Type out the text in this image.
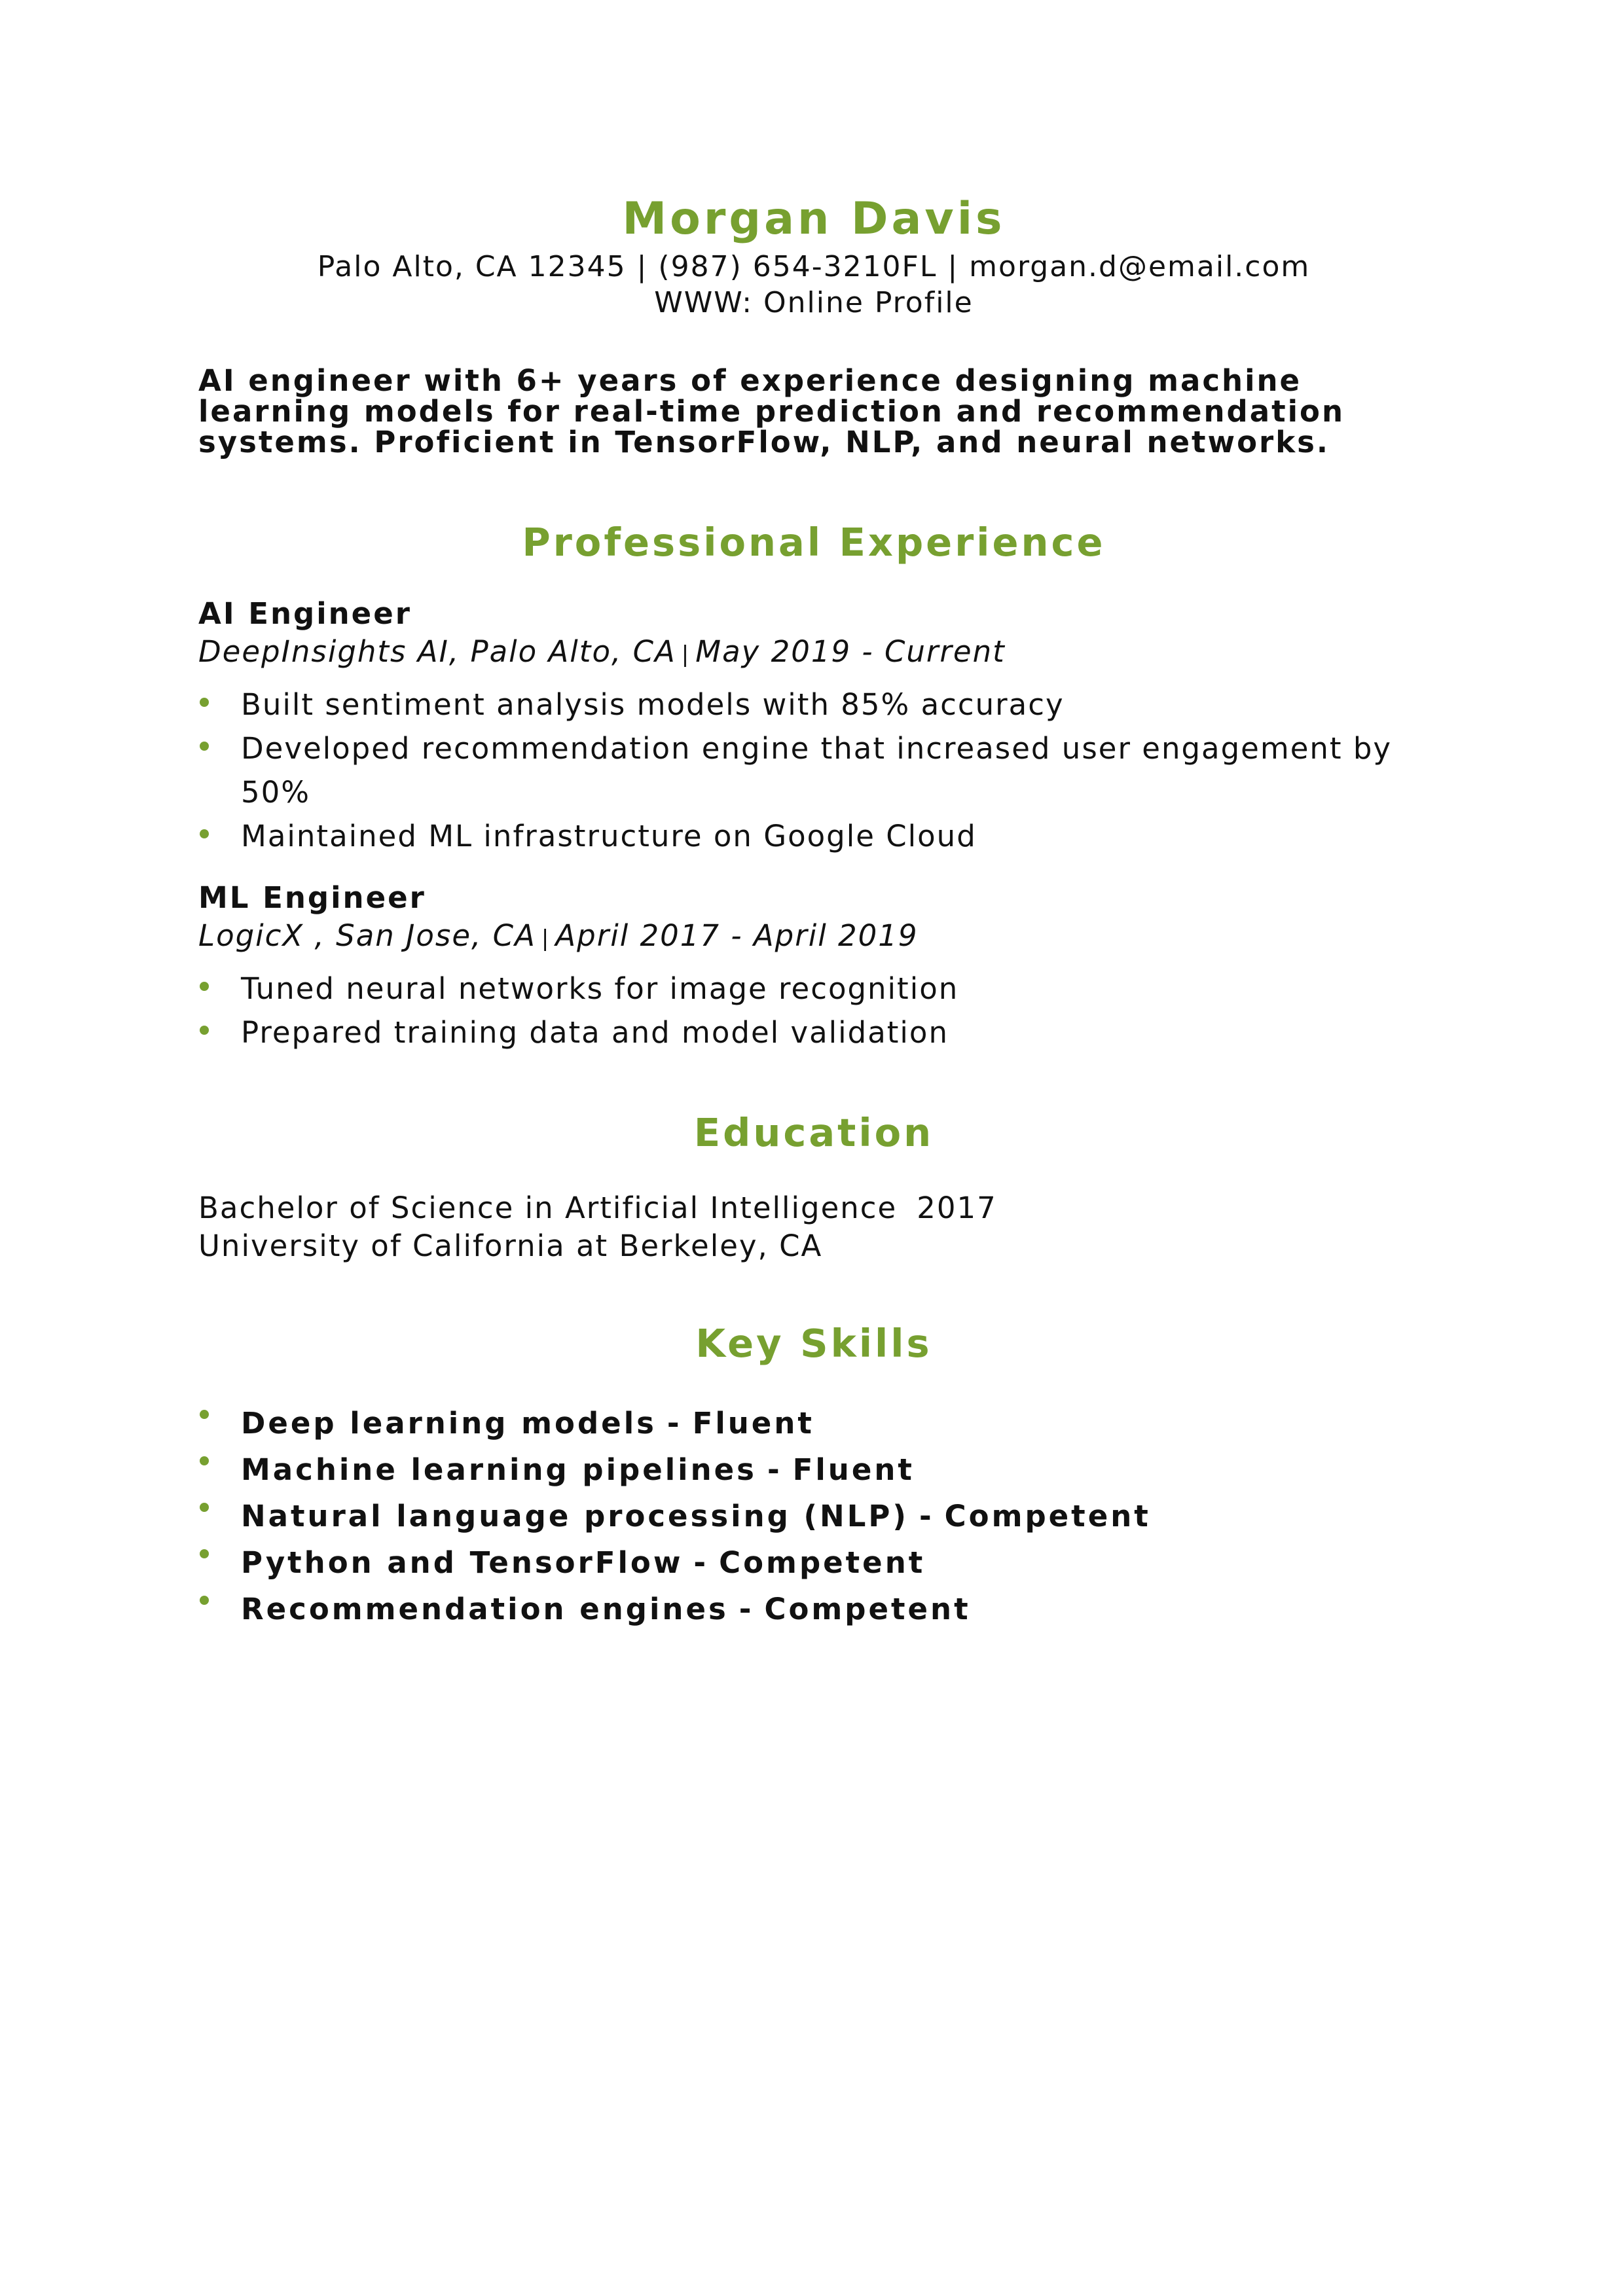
Morgan Davis

Palo Alto, CA 12345 | (987) 654-3210FL | morgan.d@email.com

WWW: Online Profile

AI engineer with 6+ years of experience designing machine learning models for real-time prediction and recommendation systems. Proficient in TensorFlow, NLP, and neural networks.
Professional Experience
AI Engineer
DeepInsights AI, Palo Alto, CA | May 2019 - Current
Built sentiment analysis models with 85% accuracy
Developed recommendation engine that increased user engagement by 50%
Maintained ML infrastructure on Google Cloud
ML Engineer
LogicX , San Jose, CA | April 2017 - April 2019
Tuned neural networks for image recognition
Prepared training data and model validation
Education
Bachelor of Science in Artificial Intelligence 2017
University of California at Berkeley, CA
Key Skills
Deep learning models - Fluent
Machine learning pipelines - Fluent
Natural language processing (NLP) - Competent
Python and TensorFlow - Competent
Recommendation engines - Competent
